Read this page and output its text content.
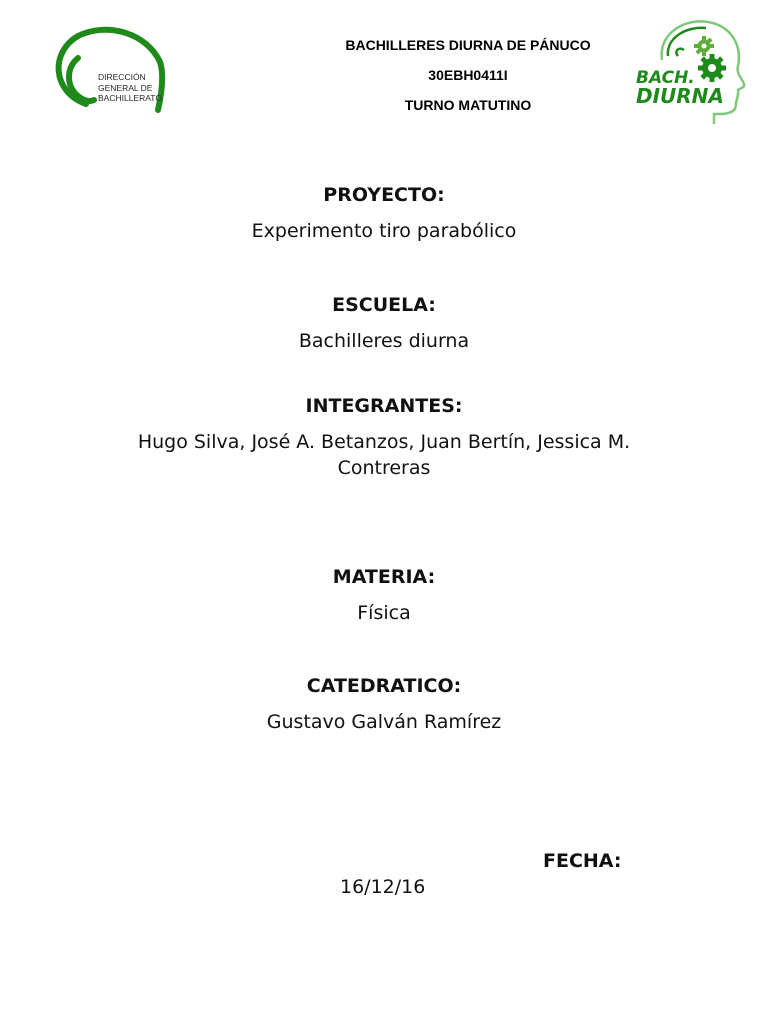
DIRECCIÓN
GENERAL DE
BACHILLERATO
BACHILLERES DIURNA DE PÁNUCO
30EBH0411I
TURNO MATUTINO
BACH.
DIURNA
PROYECTO:
Experimento tiro parabólico
ESCUELA:
Bachilleres diurna
INTEGRANTES:
Hugo Silva, José A. Betanzos, Juan Bertín, Jessica M. Contreras
MATERIA:
Física
CATEDRATICO:
Gustavo Galván Ramírez
FECHA:
16/12/16
